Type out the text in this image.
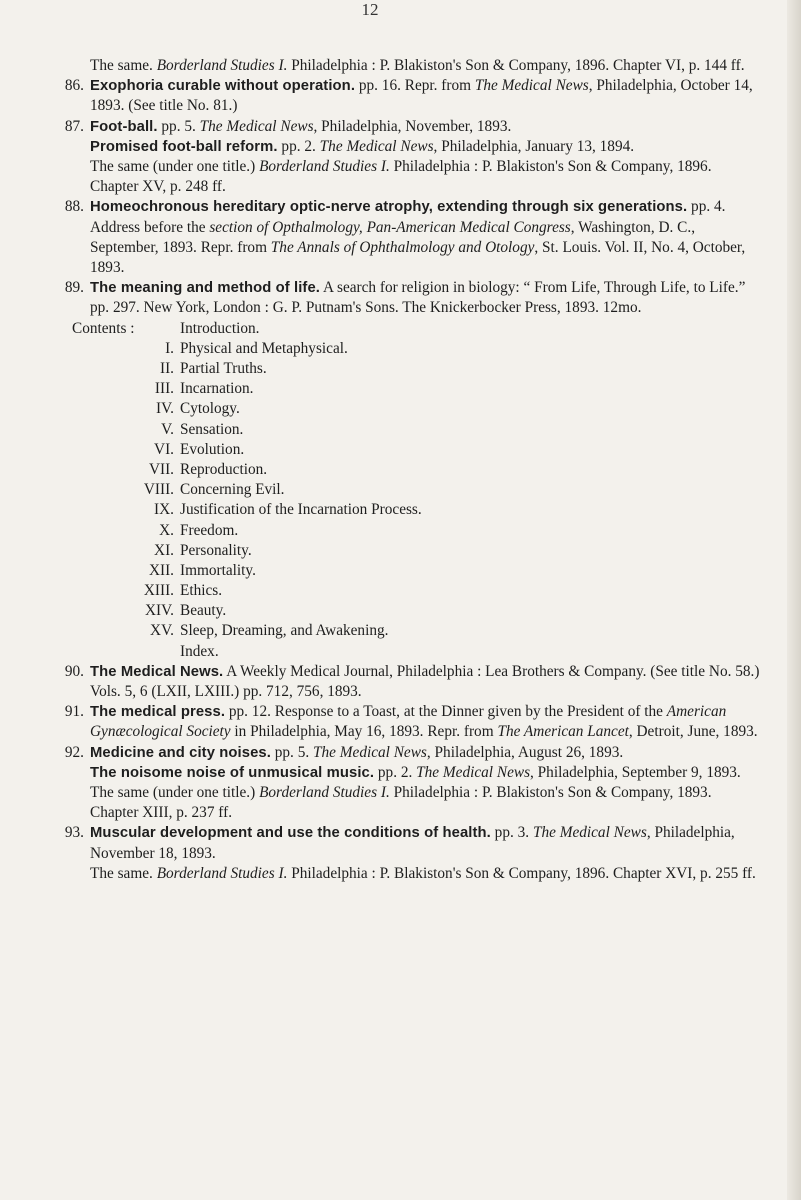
12

The same. Borderland Studies I. Philadelphia : P. Blakiston's Son & Company, 1896. Chapter VI, p. 144 ff.

86. Exophoria curable without operation. pp. 16. Repr. from The Medical News, Philadelphia, October 14, 1893. (See title No. 81.)

87. Foot-ball. pp. 5. The Medical News, Philadelphia, November, 1893.

Promised foot-ball reform. pp. 2. The Medical News, Philadelphia, January 13, 1894.

The same (under one title.) Borderland Studies I. Philadelphia : P. Blakiston's Son & Company, 1896. Chapter XV, p. 248 ff.

88. Homeochronous hereditary optic-nerve atrophy, extending through six generations. pp. 4. Address before the section of Opthalmology, Pan-American Medical Congress, Washington, D. C., September, 1893. Repr. from The Annals of Ophthalmology and Otology, St. Louis. Vol. II, No. 4, October, 1893.

89. The meaning and method of life. A search for religion in biology: “ From Life, Through Life, to Life.” pp. 297. New York, London : G. P. Putnam's Sons. The Knickerbocker Press, 1893. 12mo.

Contents :	Introduction.
I. Physical and Metaphysical.
II. Partial Truths.
III. Incarnation.
IV. Cytology.
V. Sensation.
VI. Evolution.
VII. Reproduction.
VIII. Concerning Evil.
IX. Justification of the Incarnation Process.
X. Freedom.
XI. Personality.
XII. Immortality.
XIII. Ethics.
XIV. Beauty.
XV. Sleep, Dreaming, and Awakening.
Index.

90. The Medical News. A Weekly Medical Journal, Philadelphia : Lea Brothers & Company. (See title No. 58.) Vols. 5, 6 (LXII, LXIII.) pp. 712, 756, 1893.

91. The medical press. pp. 12. Response to a Toast, at the Dinner given by the President of the American Gynæcological Society in Philadelphia, May 16, 1893. Repr. from The American Lancet, Detroit, June, 1893.

92. Medicine and city noises. pp. 5. The Medical News, Philadelphia, August 26, 1893.

The noisome noise of unmusical music. pp. 2. The Medical News, Philadelphia, September 9, 1893.

The same (under one title.) Borderland Studies I. Philadelphia : P. Blakiston's Son & Company, 1893. Chapter XIII, p. 237 ff.

93. Muscular development and use the conditions of health. pp. 3. The Medical News, Philadelphia, November 18, 1893.

The same. Borderland Studies I. Philadelphia : P. Blakiston's Son & Company, 1896. Chapter XVI, p. 255 ff.
